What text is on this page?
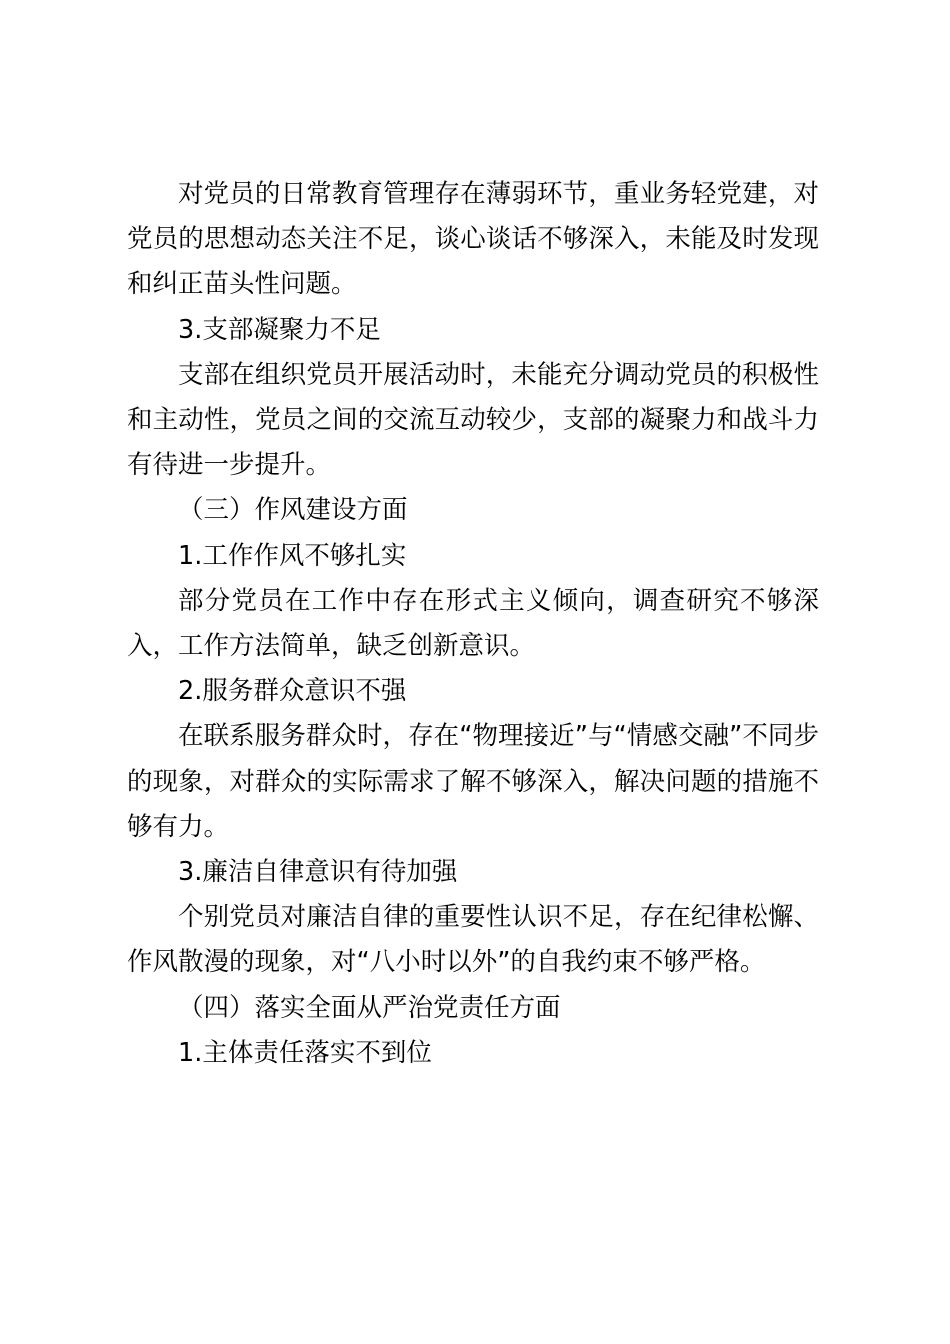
对党员的日常教育管理存在薄弱环节，重业务轻党建，对党员的思想动态关注不足，谈心谈话不够深入，未能及时发现和纠正苗头性问题。

3.支部凝聚力不足

支部在组织党员开展活动时，未能充分调动党员的积极性和主动性，党员之间的交流互动较少，支部的凝聚力和战斗力有待进一步提升。

（三）作风建设方面

1.工作作风不够扎实

部分党员在工作中存在形式主义倾向，调查研究不够深入，工作方法简单，缺乏创新意识。

2.服务群众意识不强

在联系服务群众时，存在“物理接近”与“情感交融”不同步的现象，对群众的实际需求了解不够深入，解决问题的措施不够有力。

3.廉洁自律意识有待加强

个别党员对廉洁自律的重要性认识不足，存在纪律松懈、作风散漫的现象，对“八小时以外”的自我约束不够严格。

（四）落实全面从严治党责任方面

1.主体责任落实不到位
